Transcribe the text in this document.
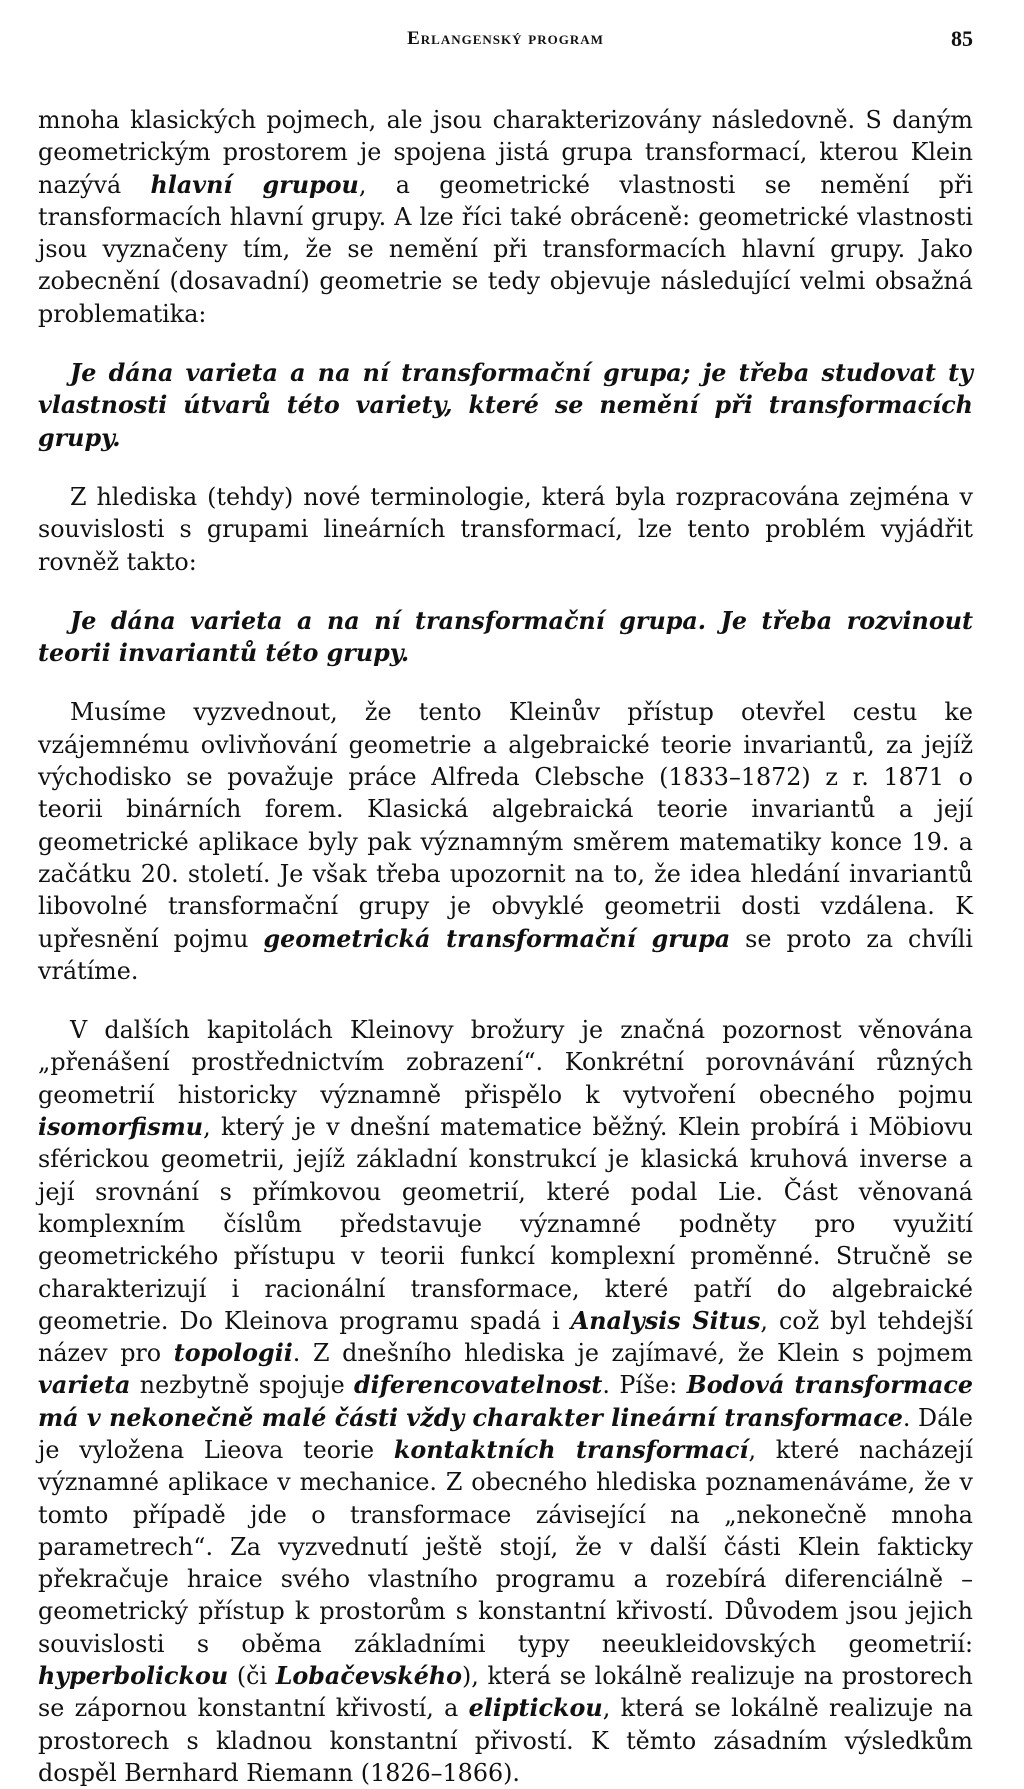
Erlangenský program	85

mnoha klasických pojmech, ale jsou charakterizovány následovně. S daným geometrickým prostorem je spojena jistá grupa transformací, kterou Klein nazývá hlavní grupou, a geometrické vlastnosti se nemění při transformacích hlavní grupy. A lze říci také obráceně: geometrické vlastnosti jsou vyznačeny tím, že se nemění při transformacích hlavní grupy. Jako zobecnění (dosavadní) geometrie se tedy objevuje následující velmi obsažná problematika:

Je dána varieta a na ní transformační grupa; je třeba studovat ty vlastnosti útvarů této variety, které se nemění při transformacích grupy.

Z hlediska (tehdy) nové terminologie, která byla rozpracována zejména v souvislosti s grupami lineárních transformací, lze tento problém vyjádřit rovněž takto:

Je dána varieta a na ní transformační grupa. Je třeba rozvinout teorii invariantů této grupy.

Musíme vyzvednout, že tento Kleinův přístup otevřel cestu ke vzájemnému ovlivňování geometrie a algebraické teorie invariantů, za jejíž východisko se považuje práce Alfreda Clebsche (1833–1872) z r. 1871 o teorii binárních forem. Klasická algebraická teorie invariantů a její geometrické aplikace byly pak významným směrem matematiky konce 19. a začátku 20. století. Je však třeba upozornit na to, že idea hledání invariantů libovolné transformační grupy je obvyklé geometrii dosti vzdálena. K upřesnění pojmu geometrická transformační grupa se proto za chvíli vrátíme.

V dalších kapitolách Kleinovy brožury je značná pozornost věnována „přenášení prostřednictvím zobrazení“. Konkrétní porovnávání různých geometrií historicky významně přispělo k vytvoření obecného pojmu isomorfismu, který je v dnešní matematice běžný. Klein probírá i Möbiovu sférickou geometrii, jejíž základní konstrukcí je klasická kruhová inverse a její srovnání s přímkovou geometrií, které podal Lie. Část věnovaná komplexním číslům představuje významné podněty pro využití geometrického přístupu v teorii funkcí komplexní proměnné. Stručně se charakterizují i racionální transformace, které patří do algebraické geometrie. Do Kleinova programu spadá i Analysis Situs, což byl tehdejší název pro topologii. Z dnešního hlediska je zajímavé, že Klein s pojmem varieta nezbytně spojuje diferencovatelnost. Píše: Bodová transformace má v nekonečně malé části vždy charakter lineární transformace. Dále je vyložena Lieova teorie kontaktních transformací, které nacházejí významné aplikace v mechanice. Z obecného hlediska poznamenáváme, že v tomto případě jde o transformace závisející na „nekonečně mnoha parametrech“. Za vyzvednutí ještě stojí, že v další části Klein fakticky překračuje hraice svého vlastního programu a rozebírá diferenciálně – geometrický přístup k prostorům s konstantní křivostí. Důvodem jsou jejich souvislosti s oběma základními typy neeukleidovských geometrií: hyperbolickou (či Lobačevského), která se lokálně realizuje na prostorech se zápornou konstantní křivostí, a eliptickou, která se lokálně realizuje na prostorech s kladnou konstantní přivostí. K těmto zásadním výsledkům dospěl Bernhard Riemann (1826–1866).
